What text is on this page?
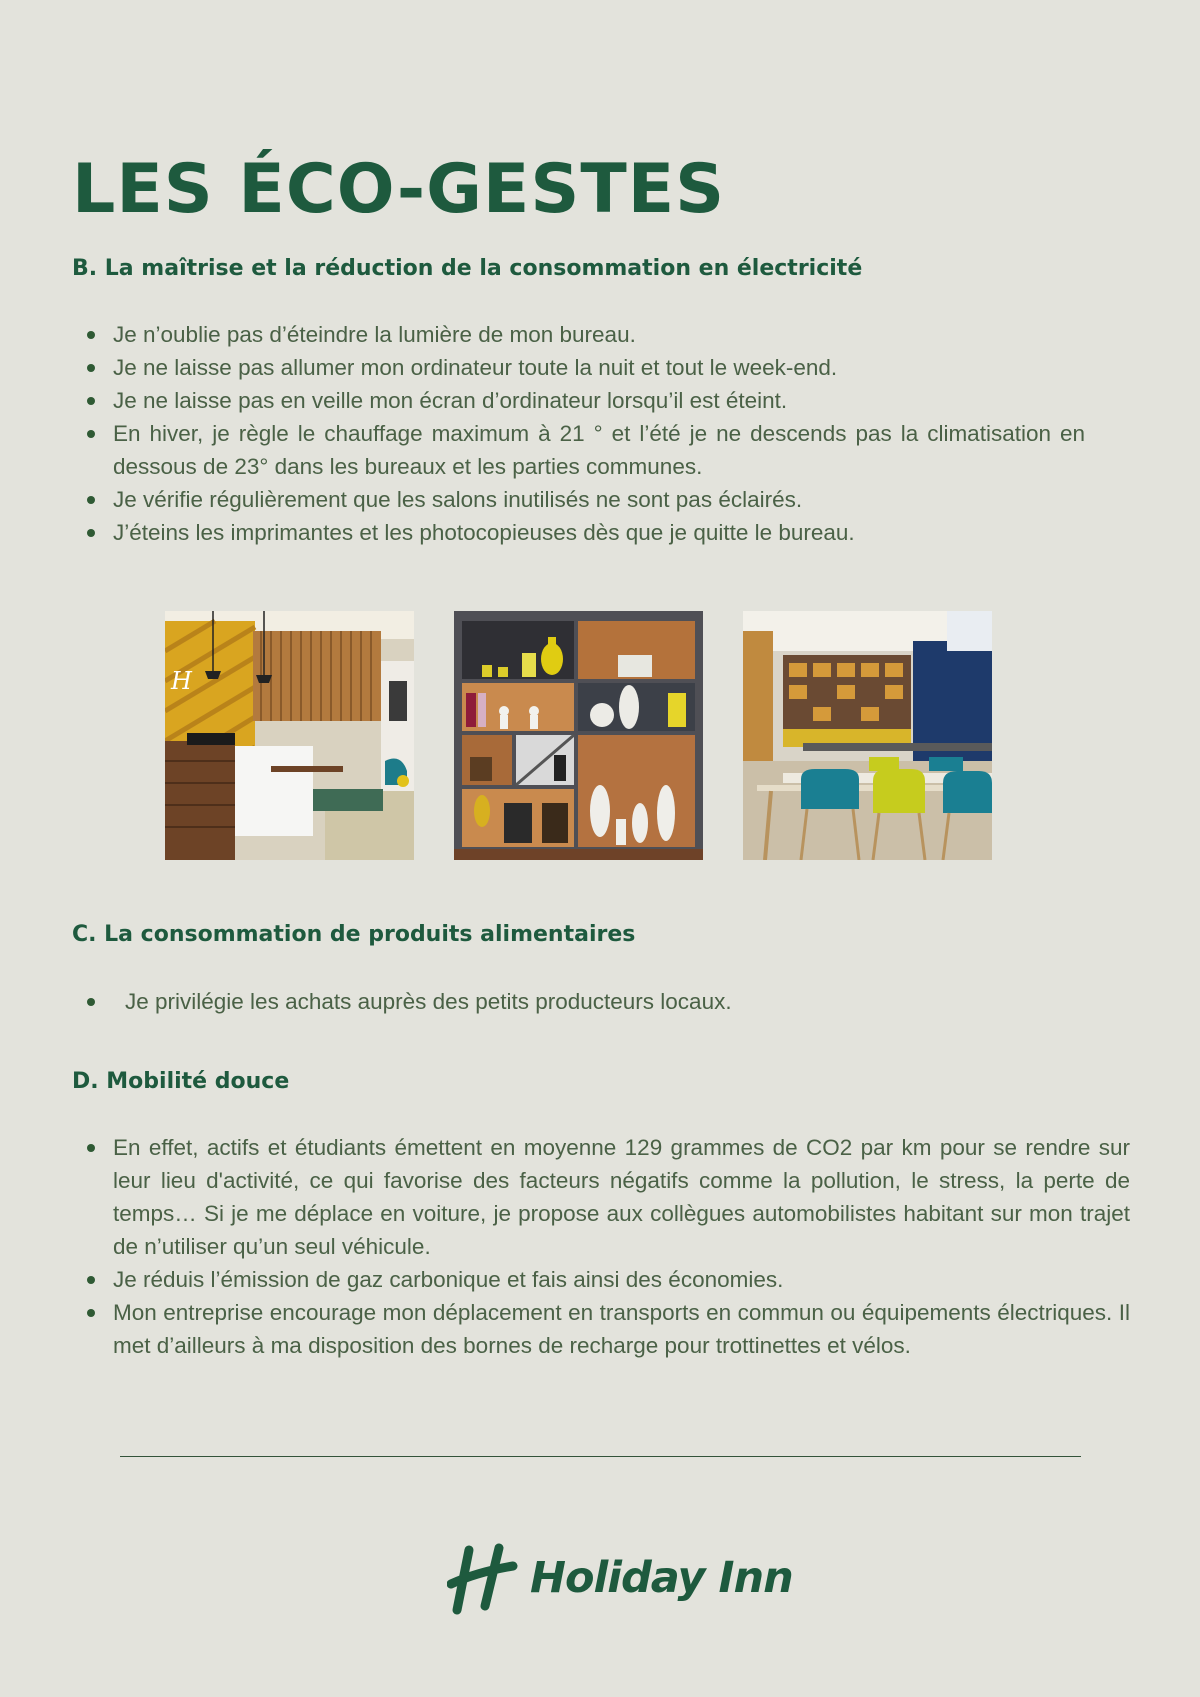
LES ÉCO-GESTES
B. La maîtrise et la réduction de la consommation en électricité
Je n’oublie pas d’éteindre la lumière de mon bureau.
Je ne laisse pas allumer mon ordinateur toute la nuit et tout le week-end.
Je ne laisse pas en veille mon écran d’ordinateur lorsqu’il est éteint.
En hiver, je règle le chauffage maximum à 21 ° et l’été je ne descends pas la climatisation en dessous de 23° dans les bureaux et les parties communes.
Je vérifie régulièrement que les salons inutilisés ne sont pas éclairés.
J’éteins les imprimantes et les photocopieuses dès que je quitte le bureau.
H
C. La consommation de produits alimentaires
Je privilégie les achats auprès des petits producteurs locaux.
D. Mobilité douce
En effet, actifs et étudiants émettent en moyenne 129 grammes de CO2 par km pour se rendre sur leur lieu d'activité, ce qui favorise des facteurs négatifs comme la pollution, le stress, la perte de temps… Si je me déplace en voiture, je propose aux collègues automobilistes habitant sur mon trajet de n’utiliser qu’un seul véhicule.
Je réduis l’émission de gaz carbonique et fais ainsi des économies.
Mon entreprise encourage mon déplacement en transports en commun ou équipements électriques. Il met d’ailleurs à ma disposition des bornes de recharge pour trottinettes et vélos.
Holiday Inn
